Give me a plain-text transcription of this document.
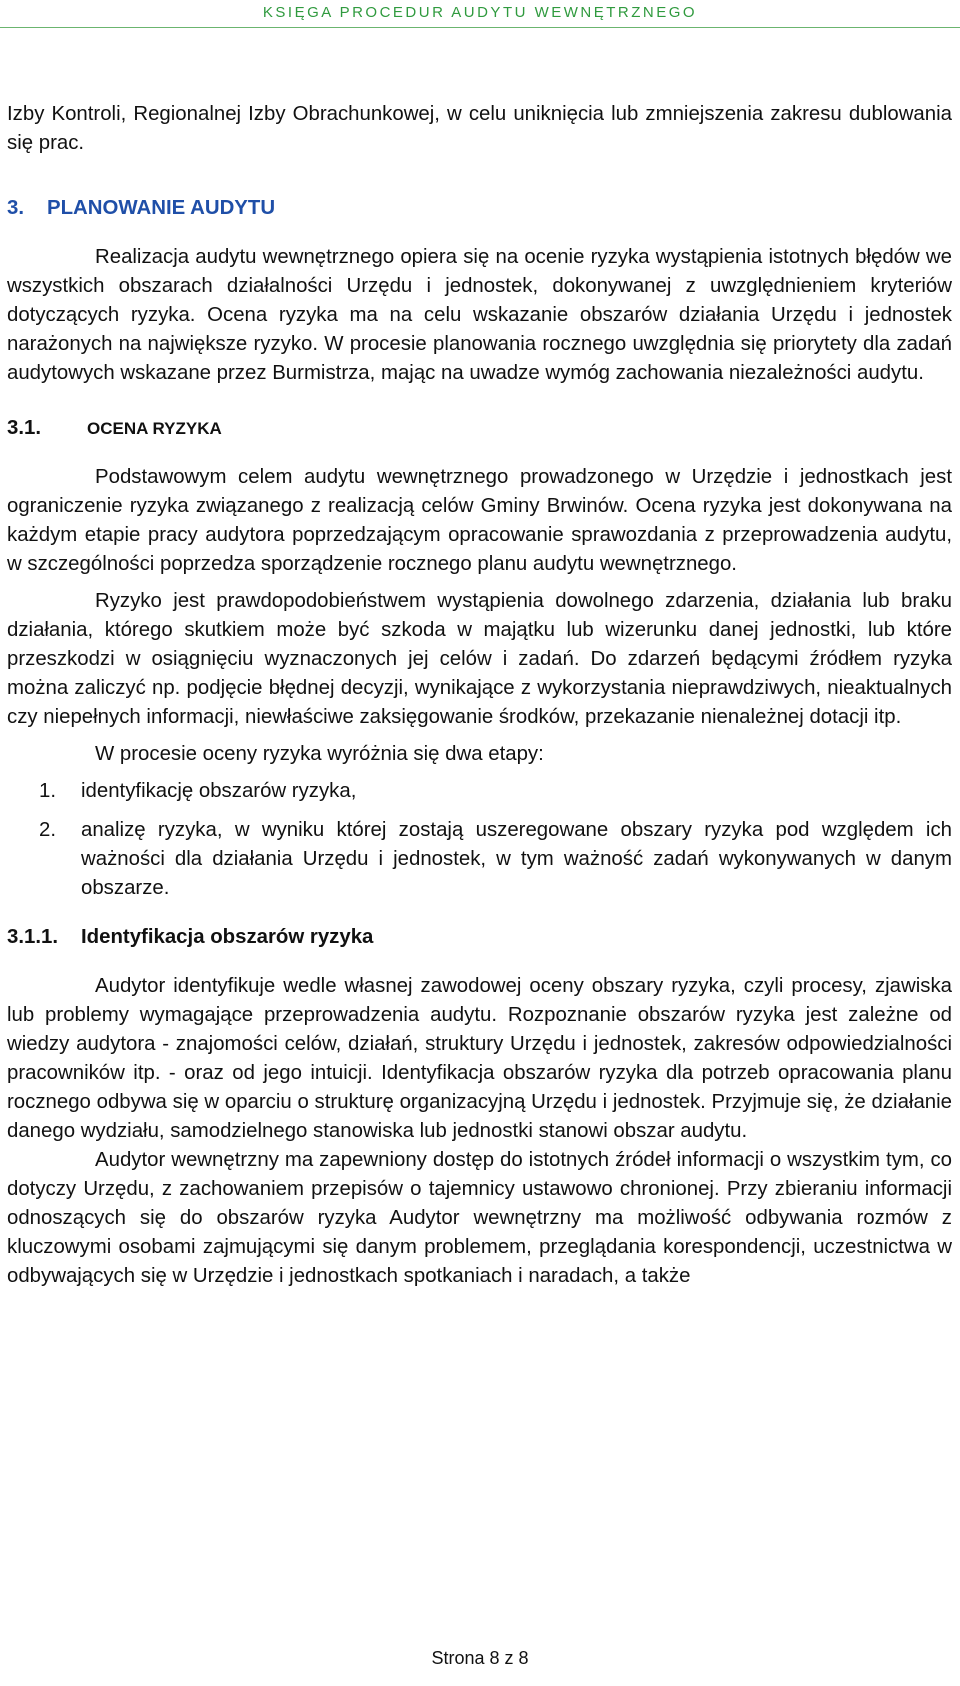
KSIĘGA PROCEDUR AUDYTU WEWNĘTRZNEGO

Izby Kontroli, Regionalnej Izby Obrachunkowej, w celu uniknięcia lub zmniejszenia zakresu dublowania się prac.

3. PLANOWANIE AUDYTU

Realizacja audytu wewnętrznego opiera się na ocenie ryzyka wystąpienia istotnych błędów we wszystkich obszarach działalności Urzędu i jednostek, dokonywanej z uwzględnieniem kryteriów dotyczących ryzyka. Ocena ryzyka ma na celu wskazanie obszarów działania Urzędu i jednostek narażonych na największe ryzyko. W procesie planowania rocznego uwzględnia się priorytety dla zadań audytowych wskazane przez Burmistrza, mając na uwadze wymóg zachowania niezależności audytu.

3.1.	OCENA RYZYKA

Podstawowym celem audytu wewnętrznego prowadzonego w Urzędzie i jednostkach jest ograniczenie ryzyka związanego z realizacją celów Gminy Brwinów. Ocena ryzyka jest dokonywana na każdym etapie pracy audytora poprzedzającym opracowanie sprawozdania z przeprowadzenia audytu, w szczególności poprzedza sporządzenie rocznego planu audytu wewnętrznego.

Ryzyko jest prawdopodobieństwem wystąpienia dowolnego zdarzenia, działania lub braku działania, którego skutkiem może być szkoda w majątku lub wizerunku danej jednostki, lub które przeszkodzi w osiągnięciu wyznaczonych jej celów i zadań. Do zdarzeń będącymi źródłem ryzyka można zaliczyć np. podjęcie błędnej decyzji, wynikające z wykorzystania nieprawdziwych, nieaktualnych czy niepełnych informacji, niewłaściwe zaksięgowanie środków, przekazanie nienależnej dotacji itp.

W procesie oceny ryzyka wyróżnia się dwa etapy:

1. identyfikację obszarów ryzyka,
2. analizę ryzyka, w wyniku której zostają uszeregowane obszary ryzyka pod względem ich ważności dla działania Urzędu i jednostek, w tym ważność zadań wykonywanych w danym obszarze.
3.1.1. Identyfikacja obszarów ryzyka

Audytor identyfikuje wedle własnej zawodowej oceny obszary ryzyka, czyli procesy, zjawiska lub problemy wymagające przeprowadzenia audytu. Rozpoznanie obszarów ryzyka jest zależne od wiedzy audytora - znajomości celów, działań, struktury Urzędu i jednostek, zakresów odpowiedzialności pracowników itp. - oraz od jego intuicji. Identyfikacja obszarów ryzyka dla potrzeb opracowania planu rocznego odbywa się w oparciu o strukturę organizacyjną Urzędu i jednostek. Przyjmuje się, że działanie danego wydziału, samodzielnego stanowiska lub jednostki stanowi obszar audytu.

Audytor wewnętrzny ma zapewniony dostęp do istotnych źródeł informacji o wszystkim tym, co dotyczy Urzędu, z zachowaniem przepisów o tajemnicy ustawowo chronionej. Przy zbieraniu informacji odnoszących się do obszarów ryzyka Audytor wewnętrzny ma możliwość odbywania rozmów z kluczowymi osobami zajmującymi się danym problemem, przeglądania korespondencji, uczestnictwa w odbywających się w Urzędzie i jednostkach spotkaniach i naradach, a także

Strona 8 z 8
